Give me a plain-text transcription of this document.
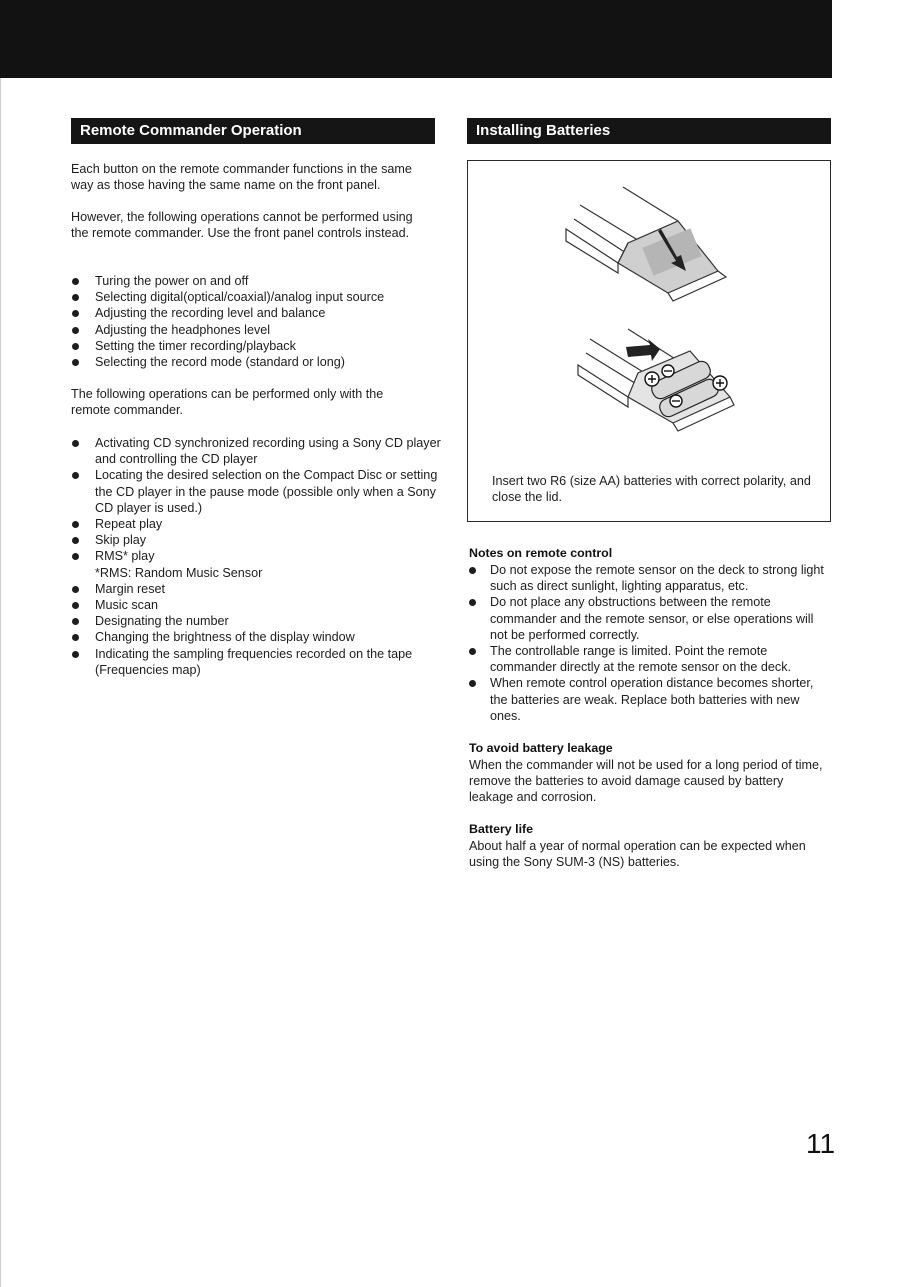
Remote Commander Operation

Each button on the remote commander functions in the same way as those having the same name on the front panel.

However, the following operations cannot be performed using the remote commander. Use the front panel controls instead.

Turing the power on and off
Selecting digital(optical/coaxial)/analog input source
Adjusting the recording level and balance
Adjusting the headphones level
Setting the timer recording/playback
Selecting the record mode (standard or long)

The following operations can be performed only with the remote commander.

Activating CD synchronized recording using a Sony CD player and controlling the CD player
Locating the desired selection on the Compact Disc or setting the CD player in the pause mode (possible only when a Sony CD player is used.)
Repeat play
Skip play
RMS* play
*RMS: Random Music Sensor
Margin reset
Music scan
Designating the number
Changing the brightness of the display window
Indicating the sampling frequencies recorded on the tape (Frequencies map)
Installing Batteries
Insert two R6 (size AA) batteries with correct polarity, and close the lid.

Notes on remote control

Do not expose the remote sensor on the deck to strong light such as direct sunlight, lighting apparatus, etc.
Do not place any obstructions between the remote commander and the remote sensor, or else operations will not be performed correctly.
The controllable range is limited. Point the remote commander directly at the remote sensor on the deck.
When remote control operation distance becomes shorter, the batteries are weak. Replace both batteries with new ones.

To avoid battery leakage

When the commander will not be used for a long period of time, remove the batteries to avoid damage caused by battery leakage and corrosion.

Battery life

About half a year of normal operation can be expected when using the Sony SUM-3 (NS) batteries.

11
